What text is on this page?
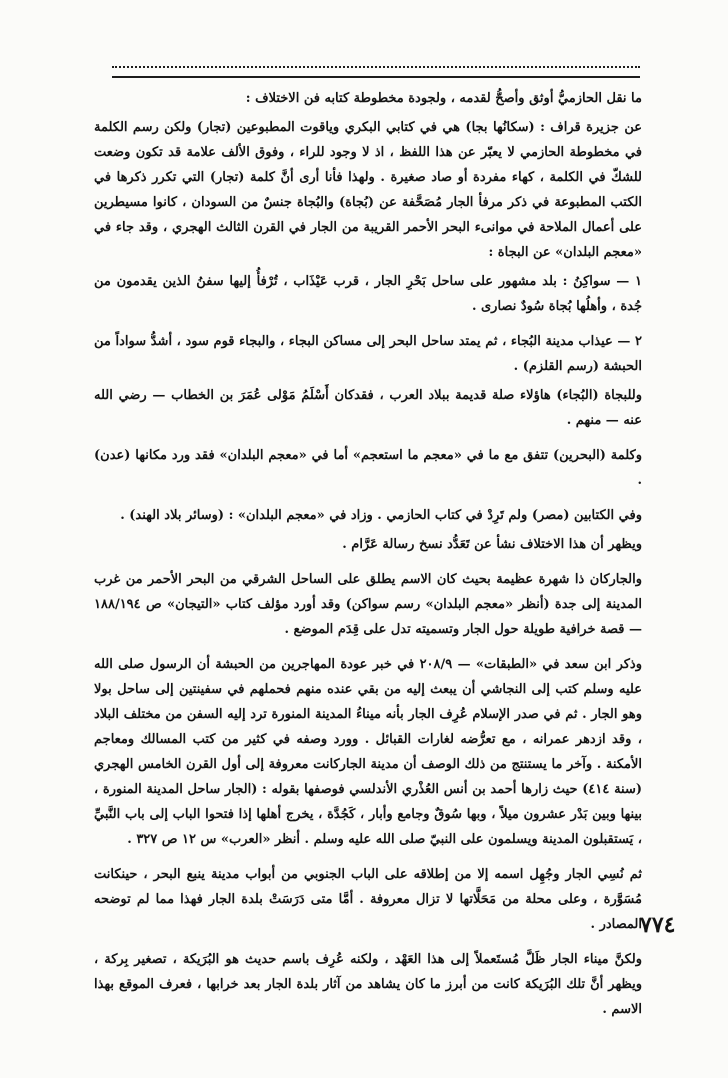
ما نقل الحازميُّ أوثق وأصحُّ لقدمه ، ولجودة مخطوطة كتابه فن الاختلاف :

عن جزيرة قراف : (سكانُها بجا) هي في كتابي البكري وياقوت المطبوعين (تجار) ولكن رسم الكلمة في مخطوطة الحازمي لا يعبّر عن هذا اللفظ ، اذ لا وجود للراء ، وفوق الألف علامة قد تكون وضعت للشكّ في الكلمة ، كهاء مفردة أو صاد صغيرة . ولهذا فأنا أرى أنَّ كلمة (تجار) التي تكرر ذكرها في الكتب المطبوعة في ذكر مرفأ الجار مُصَحَّفة عن (بُجاة) والبُجاة جنسٌ من السودان ، كانوا مسيطرين على أعمال الملاحة في موانىء البحر الأحمر القريبة من الجار في القرن الثالث الهجري ، وقد جاء في «معجم البلدان» عن البجاة :

١ — سواكِنُ : بلد مشهور على ساحل بَحْرِ الجار ، قرب عَيْذَاب ، تُرْفأُ إليها سفنُ الذين يقدمون من جُدة ، وأهلُها بُجاة سُودٌ نصارى .

٢ — عيذاب مدينة البُجاء ، ثم يمتد ساحل البحر إلى مساكن البجاء ، والبجاء قوم سود ، أشدُّ سواداً من الحبشة (رسم القلزم) .

وللبجاة (البُجاء) هاؤلاء صلة قديمة ببلاد العرب ، فقدكان أَسْلَمُ مَوْلى عُمَرَ بن الخطاب — رضي الله عنه — منهم .

وكلمة (البحرين) تتفق مع ما في «معجم ما استعجم» أما في «معجم البلدان» فقد ورد مكانها (عدن) .

وفي الكتابين (مصر) ولم تَرِدْ في كتاب الحازمي . وزاد في «معجم البلدان» : (وسائر بلاد الهند) .

ويظهر أن هذا الاختلاف نشأ عن تَعَدُّد نسخ رسالة عَرَّام .

والجاركان ذا شهرة عظيمة بحيث كان الاسم يطلق على الساحل الشرقي من البحر الأحمر من غرب المدينة إلى جدة (أنظر «معجم البلدان» رسم سواكن) وقد أورد مؤلف كتاب «التيجان» ص ١٨٨/١٩٤ — قصة خرافية طويلة حول الجار وتسميته تدل على قِدَم الموضع .

وذكر ابن سعد في «الطبقات» — ٢٠٨/٩ في خبر عودة المهاجرين من الحبشة أن الرسول صلى الله عليه وسلم كتب إلى النجاشي أن يبعث إليه من بقي عنده منهم فحملهم في سفينتين إلى ساحل بولا وهو الجار . ثم في صدر الإسلام عُرِف الجار بأنه ميناءُ المدينة المنورة ترد إليه السفن من مختلف البلاد ، وقد ازدهر عمرانه ، مع تعرُّضه لغارات القبائل . وورد وصفه في كثير من كتب المسالك ومعاجم الأمكنة . وآخر ما يستنتج من ذلك الوصف أن مدينة الجاركانت معروفة إلى أول القرن الخامس الهجري (سنة ٤١٤) حيث زارها أحمد بن أنس العُذْري الأندلسي فوصفها بقوله : (الجار ساحل المدينة المنورة ، بينها وبين بَدْر عشرون ميلاً ، وبها سُوقٌ وجامع وأبار ، كَجُدَّة ، يخرج أهلها إذا فتحوا الباب إلى باب النَّبيِّ ، يَستقبلون المدينة ويسلمون على النبيّ صلى الله عليه وسلم . أنظر «العرب» س ١٢ ص ٣٢٧ .

ثم نُسِي الجار وجُهِل اسمه إلا من إطلاقه على الباب الجنوبي من أبواب مدينة ينبع البحر ، حينكانت مُسَوَّرة ، وعلى محلة من مَحَلَّاتها لا تزال معروفة . أمَّا متى دَرَسَتْ بلدة الجار فهذا مما لم توضحه المصادر .

ولكنَّ ميناء الجار ظَلَّ مُستَعملاً إلى هذا العَهْد ، ولكنه عُرِف باسم حديث هو البُرَيكة ، تصغير بِركة ، ويظهر أنَّ تلك البُرَيكة كانت من أبرز ما كان يشاهد من آثار بلدة الجار بعد خرابها ، فعرف الموقع بهذا الاسم .

٧٧٤
